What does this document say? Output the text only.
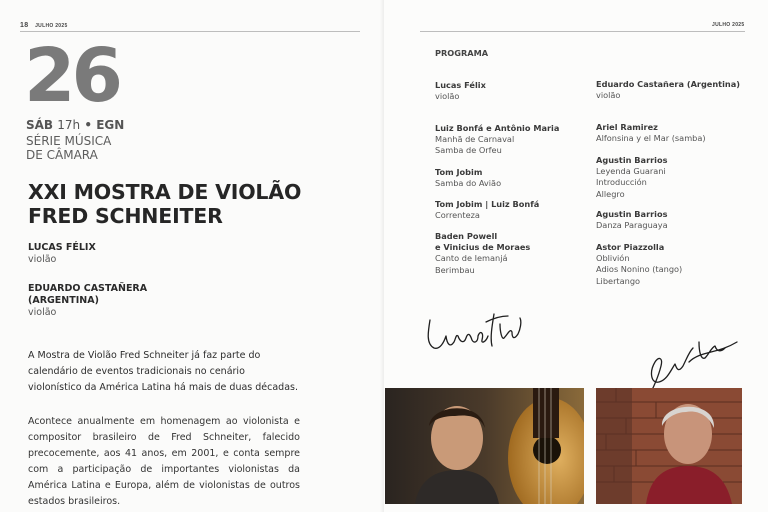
18 JULHO 2025
26
SÁB 17h • EGN
SÉRIE MÚSICA
DE CÂMARA
XXI MOSTRA DE VIOLÃO
FRED SCHNEITER
LUCAS FÉLIX
violão
EDUARDO CASTAÑERA
(ARGENTINA)
violão
A Mostra de Violão Fred Schneiter já faz parte do calendário de eventos tradicionais no cenário violonístico da América Latina há mais de duas décadas.
Acontece anualmente em homenagem ao violonista e compositor brasileiro de Fred Schneiter, falecido precocemente, aos 41 anos, em 2001, e conta sempre com a participação de importantes violonistas da América Latina e Europa, além de violonistas de outros estados brasileiros.
JULHO 2025
PROGRAMA
Lucas Félix
violão
Luiz Bonfá e Antônio Maria
Manhã de Carnaval
Samba de Orfeu
Tom Jobim
Samba do Avião
Tom Jobim | Luiz Bonfá
Correnteza
Baden Powell
e Vinicius de Moraes
Canto de Iemanjá
Berimbau
Eduardo Castañera (Argentina)
violão
Ariel Ramirez
Alfonsina y el Mar (samba)
Agustin Barrios
Leyenda Guarani
Introducción
Allegro
Agustin Barrios
Danza Paraguaya
Astor Piazzolla
Oblivión
Adios Nonino (tango)
Libertango
